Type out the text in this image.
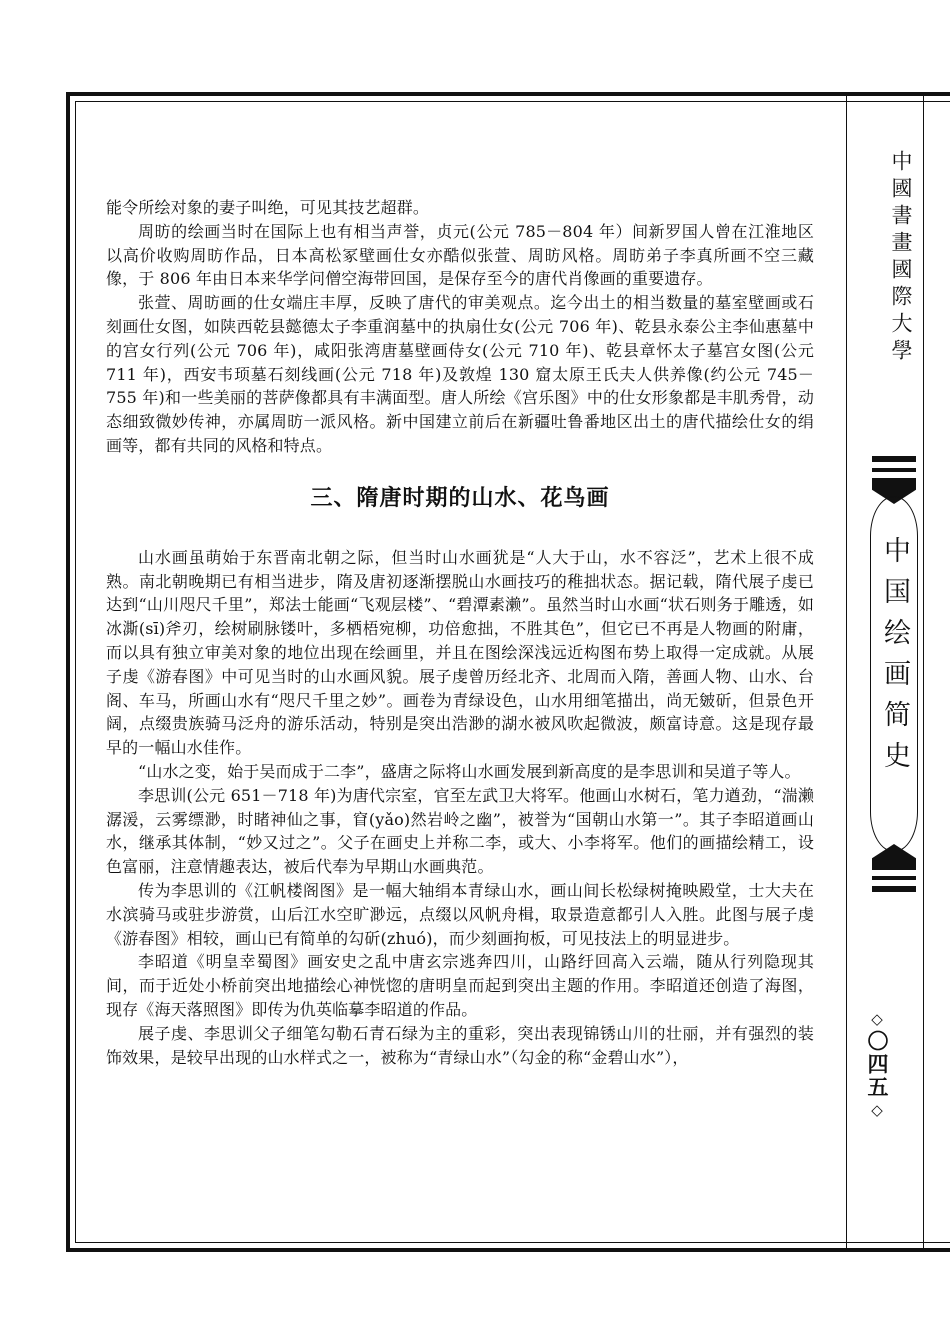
能令所绘对象的妻子叫绝，可见其技艺超群。

周昉的绘画当时在国际上也有相当声誉，贞元(公元 785－804 年）间新罗国人曾在江淮地区以高价收购周昉作品，日本高松冢壁画仕女亦酷似张萱、周昉风格。周昉弟子李真所画不空三藏像，于 806 年由日本来华学问僧空海带回国，是保存至今的唐代肖像画的重要遗存。

张萱、周昉画的仕女端庄丰厚，反映了唐代的审美观点。迄今出土的相当数量的墓室壁画或石刻画仕女图，如陕西乾县懿德太子李重润墓中的执扇仕女(公元 706 年)、乾县永泰公主李仙惠墓中的宫女行列(公元 706 年)，咸阳张湾唐墓壁画侍女(公元 710 年)、乾县章怀太子墓宫女图(公元 711 年)，西安韦顼墓石刻线画(公元 718 年)及敦煌 130 窟太原王氏夫人供养像(约公元 745－755 年)和一些美丽的菩萨像都具有丰满面型。唐人所绘《宫乐图》中的仕女形象都是丰肌秀骨，动态细致微妙传神，亦属周昉一派风格。新中国建立前后在新疆吐鲁番地区出土的唐代描绘仕女的绢画等，都有共同的风格和特点。

三、隋唐时期的山水、花鸟画

山水画虽萌始于东晋南北朝之际，但当时山水画犹是“人大于山，水不容泛”，艺术上很不成熟。南北朝晚期已有相当进步，隋及唐初逐渐摆脱山水画技巧的稚拙状态。据记载，隋代展子虔已达到“山川咫尺千里”，郑法士能画“飞观层楼”、“碧潭素濑”。虽然当时山水画“状石则务于雕透，如冰澌(sī)斧刃，绘树刷脉镂叶，多栖梧宛柳，功倍愈拙，不胜其色”，但它已不再是人物画的附庸，而以具有独立审美对象的地位出现在绘画里，并且在图绘深浅远近构图布势上取得一定成就。从展子虔《游春图》中可见当时的山水画风貌。展子虔曾历经北齐、北周而入隋，善画人物、山水、台阁、车马，所画山水有“咫尺千里之妙”。画卷为青绿设色，山水用细笔描出，尚无皴斫，但景色开阔，点缀贵族骑马泛舟的游乐活动，特别是突出浩渺的湖水被风吹起微波，颇富诗意。这是现存最早的一幅山水佳作。

“山水之变，始于吴而成于二李”，盛唐之际将山水画发展到新高度的是李思训和吴道子等人。

李思训(公元 651－718 年)为唐代宗室，官至左武卫大将军。他画山水树石，笔力遒劲，“湍濑潺湲，云雾缥渺，时睹神仙之事，窅(yǎo)然岩岭之幽”，被誉为“国朝山水第一”。其子李昭道画山水，继承其体制，“妙又过之”。父子在画史上并称二李，或大、小李将军。他们的画描绘精工，设色富丽，注意情趣表达，被后代奉为早期山水画典范。

传为李思训的《江帆楼阁图》是一幅大轴绢本青绿山水，画山间长松绿树掩映殿堂，士大夫在水滨骑马或驻步游赏，山后江水空旷渺远，点缀以风帆舟楫，取景造意都引人入胜。此图与展子虔《游春图》相较，画山已有简单的勾斫(zhuó)，而少刻画拘板，可见技法上的明显进步。

李昭道《明皇幸蜀图》画安史之乱中唐玄宗逃奔四川，山路纡回高入云端，随从行列隐现其间，而于近处小桥前突出地描绘心神恍惚的唐明皇而起到突出主题的作用。李昭道还创造了海图，现存《海天落照图》即传为仇英临摹李昭道的作品。

展子虔、李思训父子细笔勾勒石青石绿为主的重彩，突出表现锦锈山川的壮丽，并有强烈的装饰效果，是较早出现的山水样式之一，被称为“青绿山水”（勾金的称“金碧山水”），

中國書畫國際大學
中国绘画简史
◇
〇四五
◇
